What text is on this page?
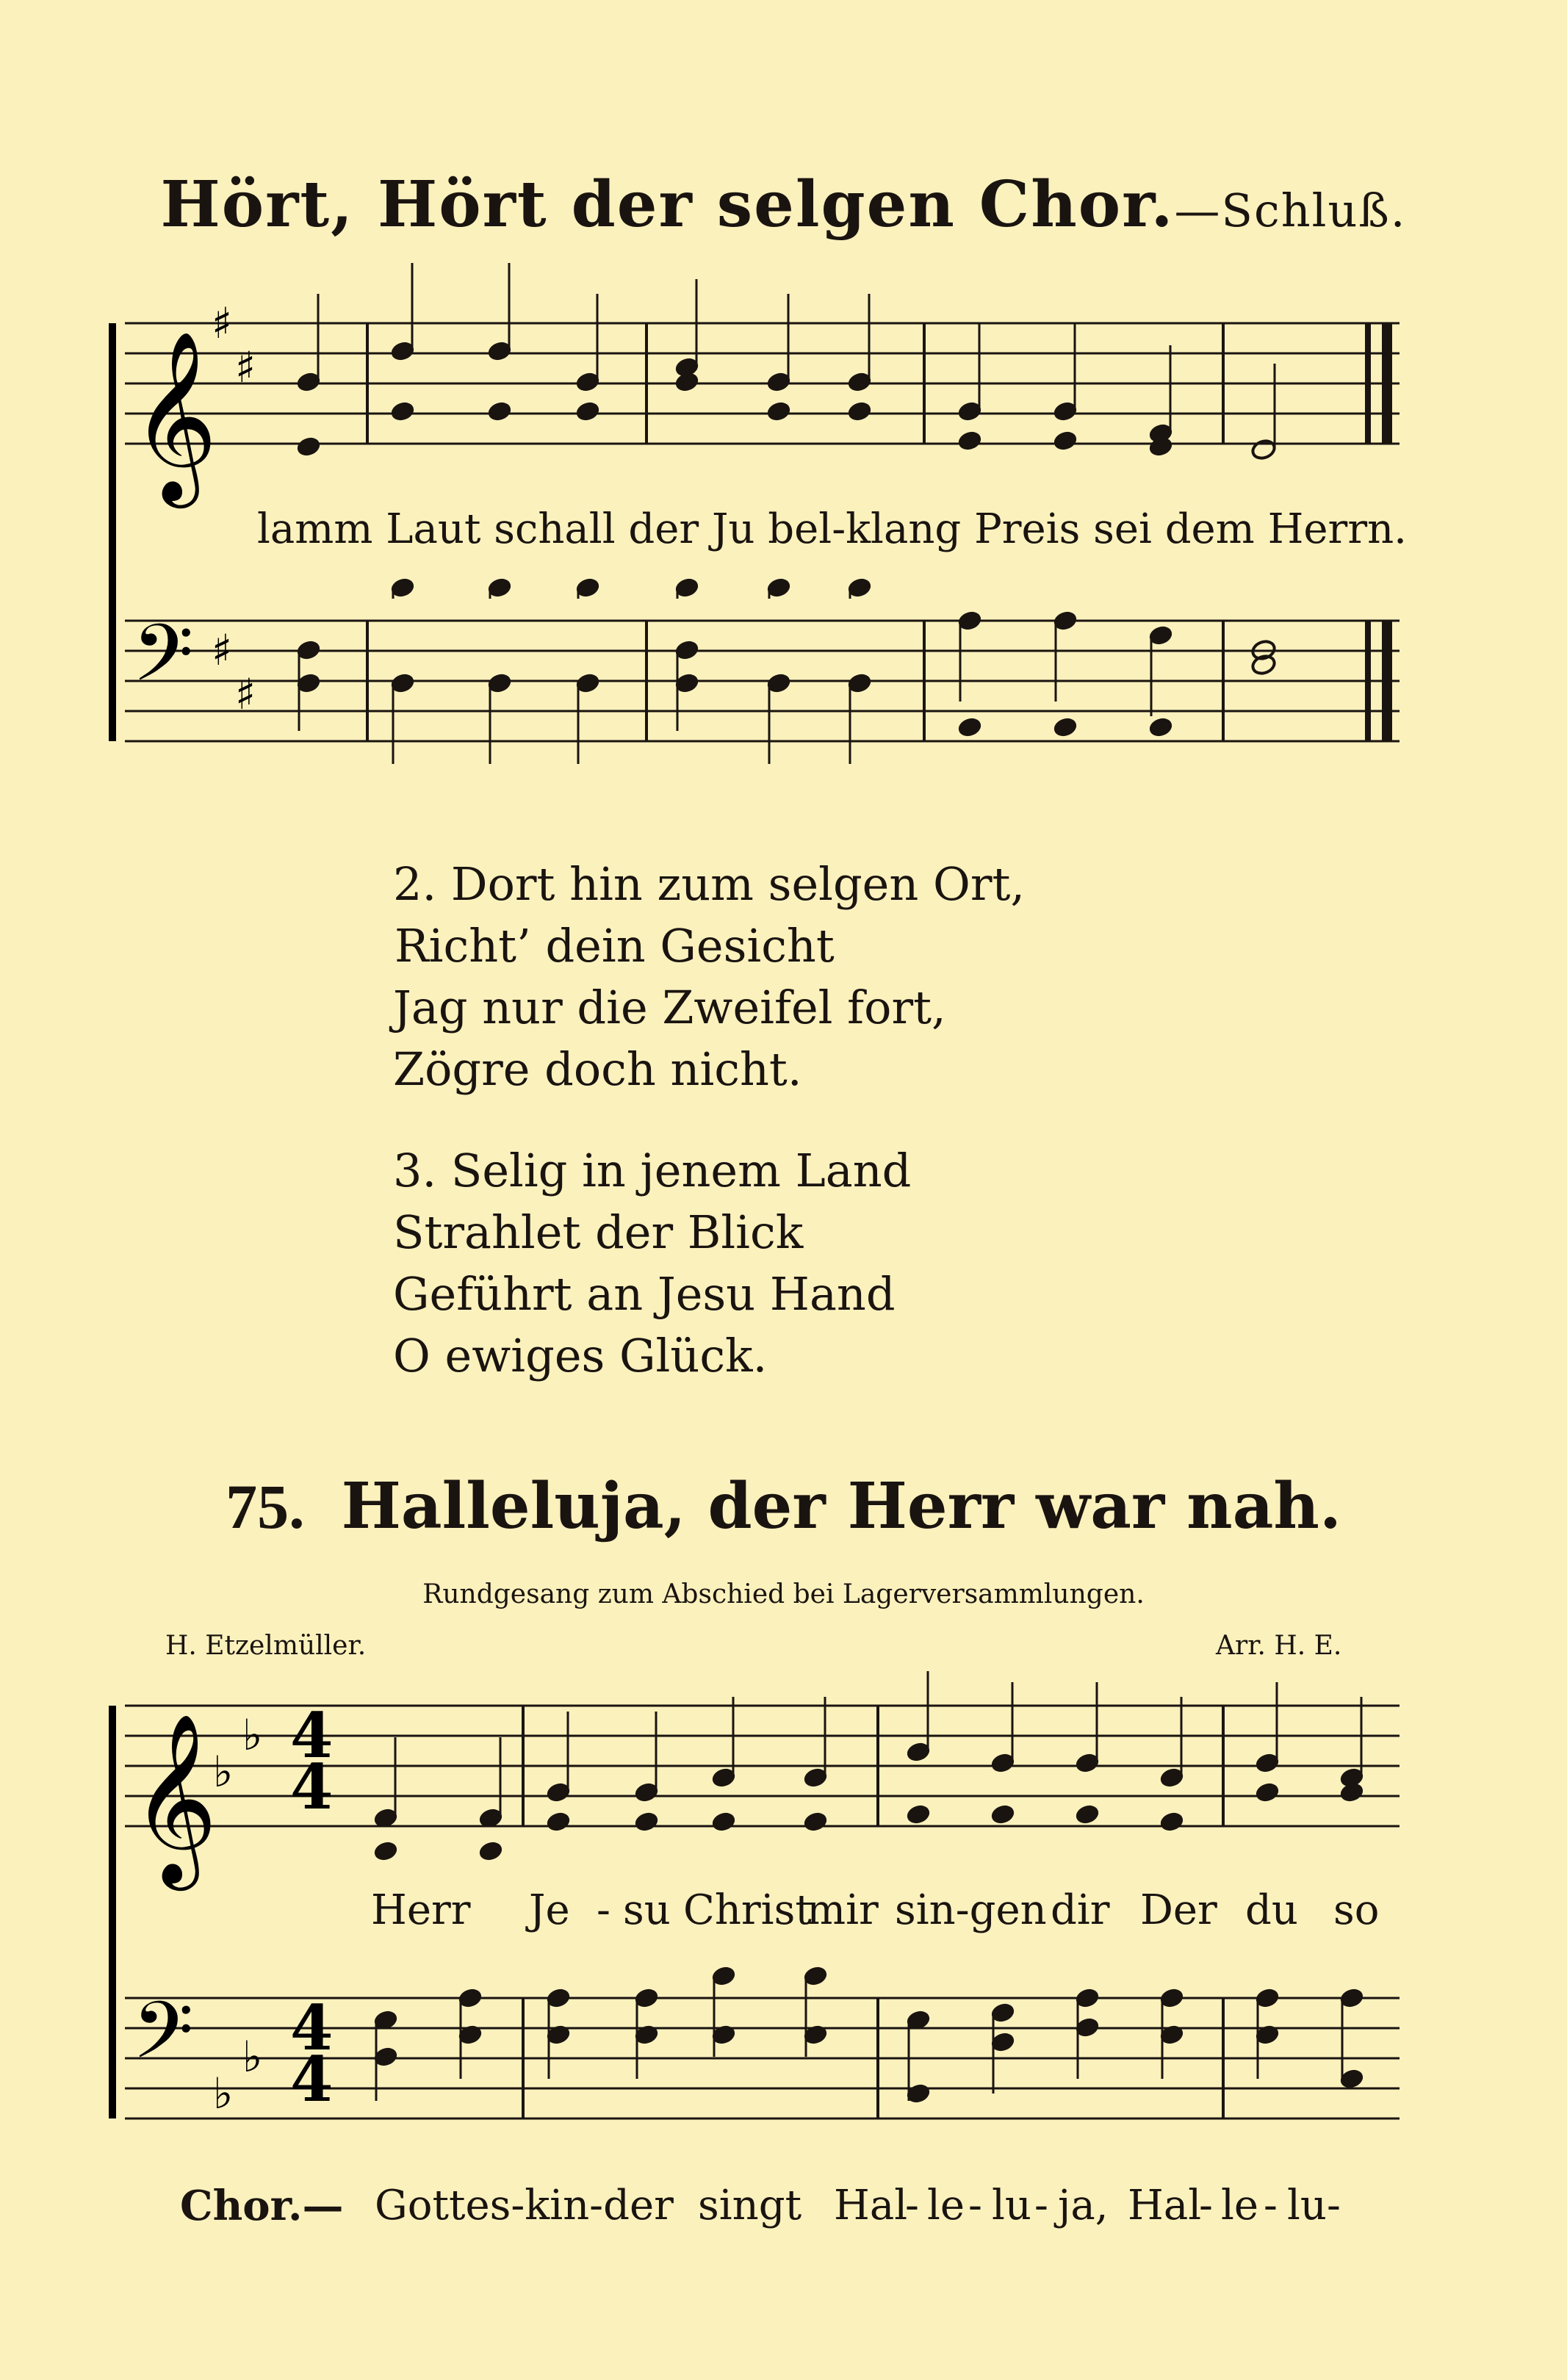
Hört, Hört der selgen Chor.—Schluß.
lamm Laut schall der Ju bel-klang Preis sei dem Herrn.
2. Dort hin zum selgen Ort,
Richt’ dein Gesicht
Jag nur die Zweifel fort,
Zögre doch nicht.
3. Selig in jenem Land
Strahlet der Blick
Geführt an Jesu Hand
O ewiges Glück.
75. Halleluja, der Herr war nah.
Rundgesang zum Abschied bei Lagerversammlungen.
H. Etzelmüller.	Arr. H. E.
Herr Je - su Christ
mir sin-gen dir Der du so
Chor.— Gottes-kin-der singt Hal
- le - lu - ja, Hal
- le - lu-
𝄞
𝄢
♯
♯
♯
♯
𝄞
𝄢
♭
♭
♭
♭
4
4
4
4
